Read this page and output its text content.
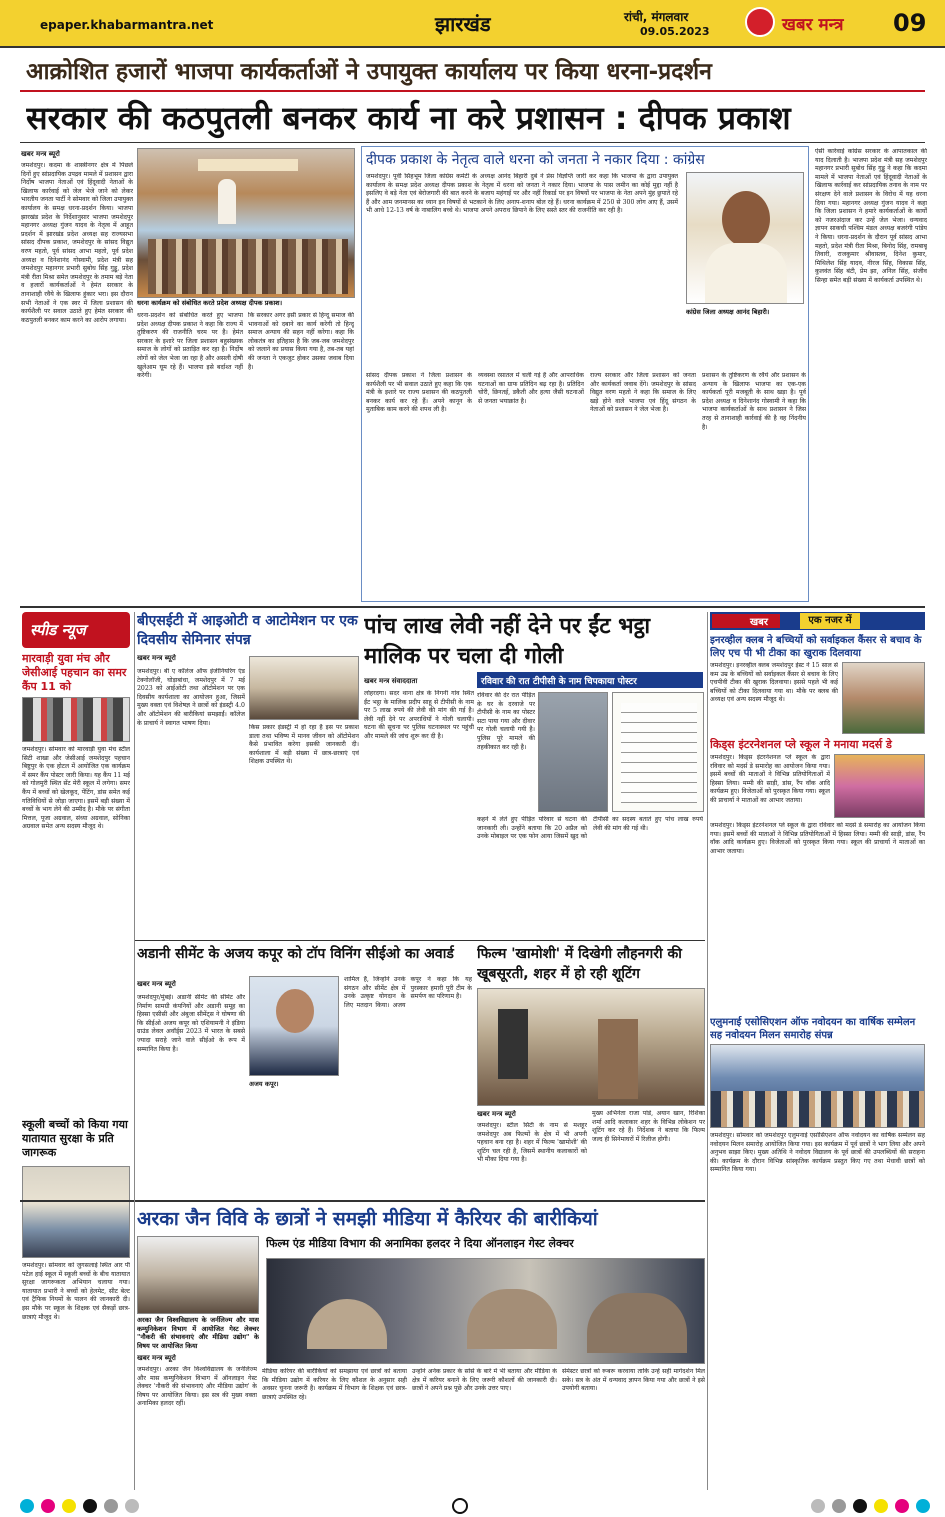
epaper.khabarmantra.net	झारखंड	रांची, मंगलवार
09.05.2023	खबर मन्त्र 09
आक्रोशित हजारों भाजपा कार्यकर्ताओं ने उपायुक्त कार्यालय पर किया धरना-प्रदर्शन
सरकार की कठपुतली बनकर कार्य ना करे प्रशासन : दीपक प्रकाश
खबर मन्त्र ब्यूरो
जमशेदपुर। कदमा के शास्त्रीनगर क्षेत्र में पिछले दिनों हुए सांप्रदायिक उपद्रव मामले में प्रशासन द्वारा निर्दोष भाजपा नेताओं एवं हिंदूवादी नेताओं के खिलाफ कार्रवाई को जेल भेजे जाने को लेकर भारतीय जनता पार्टी ने सोमवार को जिला उपायुक्त कार्यालय के समक्ष धरना-प्रदर्शन किया। भाजपा झारखंड प्रदेश के निर्देशानुसार भाजपा जमशेदपुर महानगर अध्यक्ष गुंजन यादव के नेतृत्व में आहूत प्रदर्शन में झारखंड प्रदेश अध्यक्ष सह राज्यसभा सांसद दीपक प्रकाश, जमशेदपुर के सांसद विद्युत वरण महतो, पूर्व सांसद आभा महतो, पूर्व प्रदेश अध्यक्ष व दिनेशानंद गोस्वामी, प्रदेश मंत्री सह जमशेदपुर महानगर प्रभारी सुबोध सिंह गुड्डू, प्रदेश मंत्री रीता मिश्रा समेत जमशेदपुर के तमाम बड़े नेता व हजारों कार्यकर्ताओं ने हेमंत सरकार के तानाशाही रवैये के खिलाफ हुंकार भरा। इस दौरान सभी नेताओं ने एक स्वर में जिला प्रशासन की कार्यशैली पर सवाल उठाते हुए हेमंत सरकार की कठपुतली बनकर काम करने का आरोप लगाया।
धरना कार्यक्रम को संबोधित करते प्रदेश अध्यक्ष दीपक प्रकाश।
धरना-प्रदर्शन को संबोधित करते हुए भाजपा प्रदेश अध्यक्ष दीपक प्रकाश ने कहा कि राज्य में तुष्टिकरण की राजनीति चरम पर है। हेमंत सरकार के इशारे पर जिला प्रशासन बहुसंख्यक समाज के लोगों को प्रताड़ित कर रहा है। निर्दोष लोगों को जेल भेजा जा रहा है और असली दोषी खुलेआम घूम रहे हैं। भाजपा इसे बर्दाश्त नहीं करेगी।
कि सरकार अगर इसी प्रकार से हिन्दू समाज की भावनाओं को दबाने का कार्य करेगी तो हिन्दू समाज अन्याय की सहन नहीं करेगा। कहा कि लोकतंत्र का इतिहास है कि जब-जब जमशेदपुर को जलाने का प्रयास किया गया है, तब-तब यहां की जनता ने एकजुट होकर उसका जवाब दिया है।
दीपक प्रकाश के नेतृत्व वाले धरना को जनता ने नकार दिया : कांग्रेस
जमशेदपुर। पूर्वी सिंहभूम जिला कांग्रेस कमेटी के अध्यक्ष आनंद बिहारी दुबे ने प्रेस विज्ञप्ति जारी कर कहा कि भाजपा के द्वारा उपायुक्त कार्यालय के समक्ष प्रदेश अध्यक्ष दीपक प्रकाश के नेतृत्व में धरना को जनता ने नकार दिया। भाजपा के पास जमीन का कोई मुद्दा नहीं है इसलिए वे बड़े नेता एवं बेरोजगारी की बात करने के बजाय महंगाई पर और नहीं रिकार्ड पर इन विषयों पर भाजपा के नेता अपने मुंह छुपाते रहे हैं और आम जनमानस का ध्यान इन विषयों से भटकाने के लिए अनाप-शनाप बोल रहे हैं। धरना कार्यक्रम में 250 से 300 लोग आए हैं, उसमें भी आधे 12-13 वर्ष के नाबालिग बच्चे थे। भाजपा अपने अपराध छिपाने के लिए सस्ते स्तर की राजनीति कर रही है।
कांग्रेस जिला अध्यक्ष आनंद बिहारी।
सांसद दीपक प्रकाश ने जिला प्रशासन के कार्यशैली पर भी सवाल उठाते हुए कहा कि एक मंत्री के इशारे पर राज्य प्रशासन की कठपुतली बनकर कार्य कर रहे हैं। अपने कानून के मुताबिक काम करने की शपथ ली है।
व्यवस्था रसातल में चली गई है और आपराधिक घटनाओं का ग्राफ प्रतिदिन बढ़ रहा है। प्रतिदिन चोरी, छिनतई, डकैती और हत्या जैसी घटनाओं से जनता भयाक्रांत है।
राज्य सरकार और जिला प्रशासन को जनता और कार्यकर्ता जवाब देंगे। जमशेदपुर के सांसद विद्युत वरण महतो ने कहा कि समाज के लिए खड़े होने वाले भाजपा एवं हिंदू संगठन के नेताओं को प्रशासन ने जेल भेजा है।
प्रशासन के तुष्टिकरण के रवैये और प्रशासन के अन्याय के खिलाफ भाजपा का एक-एक कार्यकर्ता पूरी मजबूती के साथ खड़ा है। पूर्व प्रदेश अध्यक्ष व दिनेशानंद गोस्वामी ने कहा कि भाजपा कार्यकर्ताओं के साथ प्रशासन ने जिस तरह से तानाशाही कार्रवाई की है वह निंदनीय है।
ऐसी कार्रवाई कांग्रेस सरकार के आपातकाल की याद दिलाती है। भाजपा प्रदेश मंत्री सह जमशेदपुर महानगर प्रभारी सुबोध सिंह गुड्डू ने कहा कि कदमा मामले में भाजपा नेताओं एवं हिंदूवादी नेताओं के खिलाफ कार्रवाई कर सांप्रदायिक तनाव के नाम पर संरक्षण देने वाले प्रशासन के विरोध में यह धरना दिया गया। महानगर अध्यक्ष गुंजन यादव ने कहा कि जिला प्रशासन ने हमारे कार्यकर्ताओं के कार्यों को नजरअंदाज कर उन्हें जेल भेजा। धन्यवाद ज्ञापन साकची पश्चिम मंडल अध्यक्ष बजरंगी पांडेय ने किया। धरना-प्रदर्शन के दौरान पूर्व सांसद आभा महतो, प्रदेश मंत्री रीता मिश्रा, बिनोद सिंह, रामबाबू तिवारी, राजकुमार श्रीवास्तव, दिनेश कुमार, मिथिलेश सिंह यादव, नीरज सिंह, विकास सिंह, कुलवंत सिंह बंटी, प्रेम झा, अनिल सिंह, संजीव सिन्हा समेत बड़ी संख्या में कार्यकर्ता उपस्थित थे।
स्पीड न्यूज
मारवाड़ी युवा मंच और जेसीआई पहचान का समर कैंप 11 को
जमशेदपुर। सोमवार को मारवाड़ी युवा मंच स्टील सिटी शाखा और जेसीआई जमशेदपुर पहचान बिष्टुपुर के एक होटल में आयोजित एक कार्यक्रम में समर कैंप पोस्टर जारी किया। यह कैंप 11 मई को गोलमुरी स्थित सेंट मेरी स्कूल में लगेगा। समर कैंप में बच्चों को खेलकूद, पेंटिंग, डांस समेत कई गतिविधियों से जोड़ा जाएगा। इसमें बड़ी संख्या में बच्चों के भाग लेने की उम्मीद है। मौके पर संगीता मित्तल, पूजा अग्रवाल, संध्या अग्रवाल, सोनिका अग्रवाल समेत अन्य सदस्य मौजूद थे।
स्कूली बच्चों को किया गया यातायात सुरक्षा के प्रति जागरूक
जमशेदपुर। सोमवार को जुगसलाई स्थित आर पी पटेल हाई स्कूल में स्कूली बच्चों के बीच यातायात सुरक्षा जागरूकता अभियान चलाया गया। यातायात प्रभारी ने बच्चों को हेलमेट, सीट बेल्ट एवं ट्रैफिक नियमों के पालन की जानकारी दी। इस मौके पर स्कूल के शिक्षक एवं सैकड़ों छात्र-छात्राएं मौजूद थे।
बीएसईटी में आइओटी व आटोमेशन पर एक दिवसीय सेमिनार संपन्न
खबर मन्त्र ब्यूरो
जमशेदपुर। बी ए कॉलेज ऑफ इंजीनियरिंग एंड टेक्नोलॉजी, घोड़ाबांधा, जमशेदपुर में 7 मई 2023 को आईओटी तथा ऑटोमेशन पर एक दिवसीय कार्यशाला का आयोजन हुआ, जिसमें मुख्य वक्ता एवं विशेषज्ञ ने छात्रों को इंडस्ट्री 4.0 और ऑटोमेशन की बारीकियां समझाईं। कॉलेज के प्राचार्य ने स्वागत भाषण दिया।
किस प्रकार इंडस्ट्री में हो रहा है इस पर प्रकाश डाला तथा भविष्य में मानव जीवन को ऑटोमेशन कैसे प्रभावित करेगा इसकी जानकारी दी। कार्यशाला में बड़ी संख्या में छात्र-छात्राएं एवं शिक्षक उपस्थित थे।
पांच लाख लेवी नहीं देने पर ईंट भट्ठा मालिक पर चला दी गोली
रविवार की रात टीपीसी के नाम चिपकाया पोस्टर
खबर मन्त्र संवाददाता
लोहरदगा। सदर थाना क्षेत्र के निगनी गांव स्थित ईंट भट्ठा के मालिक प्रदीप साहू से टीपीसी के नाम पर 5 लाख रुपये की लेवी की मांग की गई है। लेवी नहीं देने पर अपराधियों ने गोली चलायी। घटना की सूचना पर पुलिस घटनास्थल पर पहुंची और मामले की जांच शुरू कर दी है।
रविवार की देर रात पीड़ित के घर के दरवाजे पर टीपीसी के नाम का पोस्टर सटा पाया गया और दीवार पर गोली चलायी गयी है। पुलिस पूरे मामले की तहकीकात कर रही है।
कहने में लेते हुए पीड़ित परिवार से घटना की जानकारी ली। उन्होंने बताया कि 20 अप्रैल को उनके मोबाइल पर एक फोन आया जिसमें खुद को टीपीसी का सदस्य बताते हुए पांच लाख रुपये लेवी की मांग की गई थी।
अडानी सीमेंट के अजय कपूर को टॉप विनिंग सीईओ का अवार्ड
खबर मन्त्र ब्यूरो
जमशेदपुर/मुंबई। अडानी सीमेंट की सीमेंट और निर्माण सामग्री कंपनियों और अडानी समूह का हिस्सा एसीसी और अंबुजा सीमेंट्स ने घोषणा की कि सीईओ अजय कपूर को एशियामनी ने इंडिया ग्राउंड लेवल अवॉर्ड्स 2023 में भारत के सबसे ज्यादा सराहे जाने वाले सीईओ के रूप में सम्मानित किया है।
अजय कपूर।
शामिल हैं, जिन्होंने उनके संगठन और सीमेंट क्षेत्र में उनके उत्कृष्ट योगदान के लिए मतदान किया। अजय कपूर ने कहा कि यह पुरस्कार हमारी पूरी टीम के समर्पण का परिणाम है।
फिल्म 'खामोशी' में दिखेगी लौहनगरी की खूबसूरती, शहर में हो रही शूटिंग
खबर मन्त्र ब्यूरो
जमशेदपुर। स्टील सिटी के नाम से मशहूर जमशेदपुर अब फिल्मों के क्षेत्र में भी अपनी पहचान बना रहा है। शहर में फिल्म 'खामोशी' की शूटिंग चल रही है, जिसमें स्थानीय कलाकारों को भी मौका दिया गया है।
मुख्य अभिनेता राजा पांडे, अयान खान, रिशिका शर्मा आदि कलाकार शहर के विभिन्न लोकेशन पर शूटिंग कर रहे हैं। निर्देशक ने बताया कि फिल्म जल्द ही सिनेमाघरों में रिलीज होगी।
अरका जैन विवि के छात्रों ने समझी मीडिया में कैरियर की बारीकियां
अरका जैन विश्वविद्यालय के जर्नलिज्म और मास कम्युनिकेशन विभाग में आयोजित गेस्ट लेक्चर "नौकरी की संभावनाएं और मीडिया उद्योग" के विषय पर आयोजित किया
फिल्म एंड मीडिया विभाग की अनामिका हलदर ने दिया ऑनलाइन गेस्ट लेक्चर
खबर मन्त्र ब्यूरो
जमशेदपुर। अरका जैन विश्वविद्यालय के जर्नलिज्म और मास कम्युनिकेशन विभाग में ऑनलाइन गेस्ट लेक्चर 'नौकरी की संभावनाएं और मीडिया उद्योग' के विषय पर आयोजित किया। इस सत्र की मुख्य वक्ता अनामिका हलदर रहीं।
मीडिया करियर की बारीकियों को समझाया एवं छात्रों को बताया कि मीडिया उद्योग में करियर के लिए कौशल के अनुसार सही अवसर चुनना जरूरी है। कार्यक्रम में विभाग के शिक्षक एवं छात्र-छात्राएं उपस्थित रहे।
उन्होंने अनेक प्रकार के सोर्स के बारे में भी बताया और मीडिया के क्षेत्र में करियर बनाने के लिए जरूरी कौशलों की जानकारी दी। छात्रों ने अपने प्रश्न पूछे और उनके उत्तर पाए।
सेमेस्टर छात्रों को रूबरू करवाया ताकि उन्हें सही मार्गदर्शन मिल सके। सत्र के अंत में धन्यवाद ज्ञापन किया गया और छात्रों ने इसे उपयोगी बताया।
खबर	एक नजर में
इनरव्हील क्लब ने बच्चियों को सर्वाइकल कैंसर से बचाव के लिए एच पी भी टीका का खुराक दिलवाया
जमशेदपुर। इनरव्हील क्लब जमशेदपुर ईस्ट ने 15 साल से कम उम्र के बच्चियों को सर्वाइकल कैंसर से बचाव के लिए एचपीवी टीका की खुराक दिलवाया। इससे पहले भी कई बच्चियों को टीका दिलवाया गया था। मौके पर क्लब की अध्यक्ष एवं अन्य सदस्य मौजूद थे।
किड्स इंटरनेशनल प्ले स्कूल ने मनाया मदर्स डे
जमशेदपुर। किड्स इंटरनेशनल प्ले स्कूल के द्वारा रविवार को मदर्स डे समारोह का आयोजन किया गया। इसमें बच्चों की माताओं ने विभिन्न प्रतियोगिताओं में हिस्सा लिया। मम्मी की साड़ी, डांस, रैंप वॉक आदि कार्यक्रम हुए। विजेताओं को पुरस्कृत किया गया। स्कूल की प्राचार्या ने माताओं का आभार जताया।
जमशेदपुर। किड्स इंटरनेशनल प्ले स्कूल के द्वारा रविवार को मदर्स डे समारोह का आयोजन किया गया। इसमें बच्चों की माताओं ने विभिन्न प्रतियोगिताओं में हिस्सा लिया। मम्मी की साड़ी, डांस, रैंप वॉक आदि कार्यक्रम हुए। विजेताओं को पुरस्कृत किया गया। स्कूल की प्राचार्या ने माताओं का आभार जताया।
एलुमनाई एसोसिएशन ऑफ नवोदयन का वार्षिक सम्मेलन सह नवोदयन मिलन समारोह संपन्न
जमशेदपुर। सोमवार को जमशेदपुर एलुमनाई एसोसिएशन ऑफ नवोदयन का वार्षिक सम्मेलन सह नवोदयन मिलन समारोह आयोजित किया गया। इस कार्यक्रम में पूर्व छात्रों ने भाग लिया और अपने अनुभव साझा किए। मुख्य अतिथि ने नवोदय विद्यालय के पूर्व छात्रों की उपलब्धियों की सराहना की। कार्यक्रम के दौरान विभिन्न सांस्कृतिक कार्यक्रम प्रस्तुत किए गए तथा मेधावी छात्रों को सम्मानित किया गया।
